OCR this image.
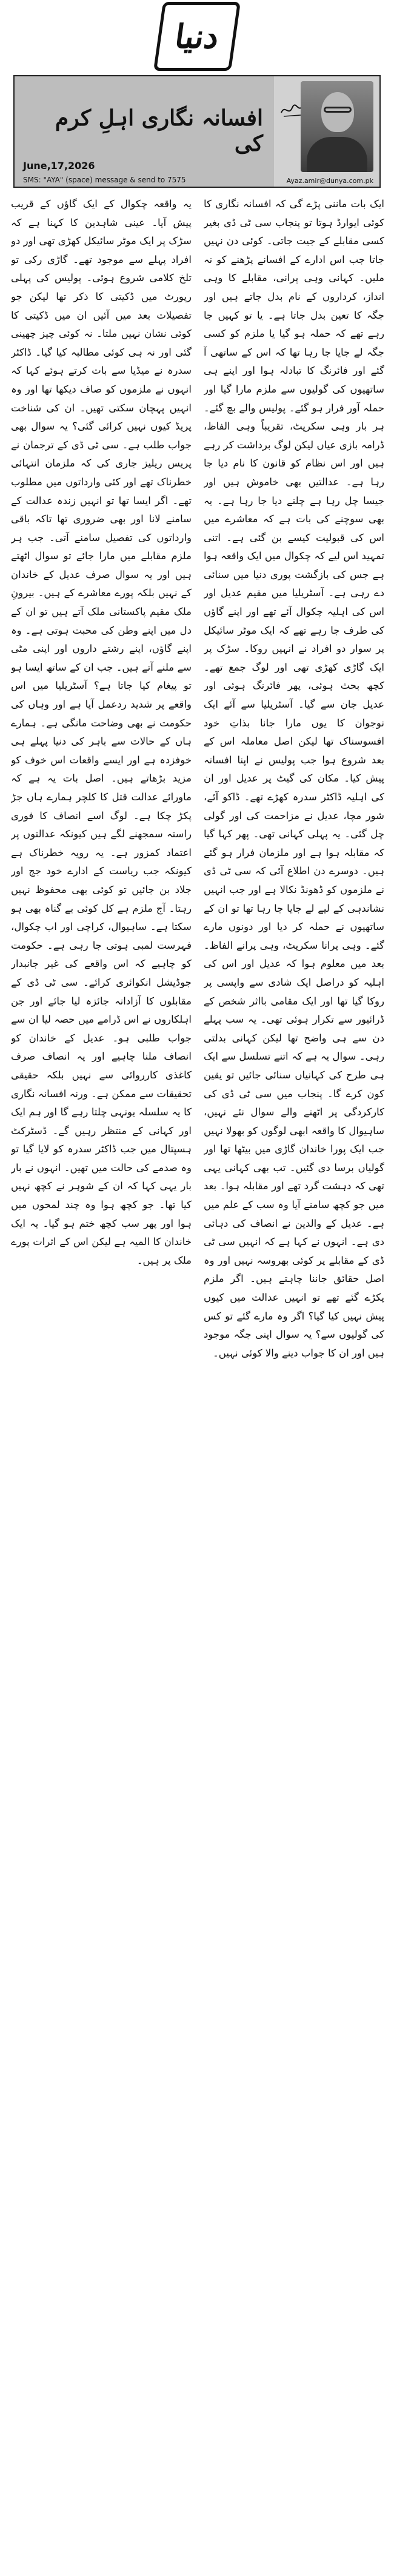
دنیا
افسانہ نگاری اہلِ کرم کی
June,17,2026
SMS: "AYA" (space) message & send to 7575	Ayaz.amir@dunya.com.pk

ایک بات ماننی پڑے گی کہ افسانہ نگاری کا کوئی ایوارڈ ہوتا تو پنجاب سی ٹی ڈی بغیر کسی مقابلے کے جیت جاتی۔ کوئی دن نہیں جاتا جب اس ادارے کے افسانے پڑھنے کو نہ ملیں۔ کہانی وہی پرانی، مقابلے کا وہی انداز، کرداروں کے نام بدل جاتے ہیں اور جگہ کا تعین بدل جاتا ہے۔ یا تو کہیں جا رہے تھے کہ حملہ ہو گیا یا ملزم کو کسی جگہ لے جایا جا رہا تھا کہ اس کے ساتھی آ گئے اور فائرنگ کا تبادلہ ہوا اور اپنے ہی ساتھیوں کی گولیوں سے ملزم مارا گیا اور حملہ آور فرار ہو گئے۔ پولیس والے بچ گئے۔ ہر بار وہی سکرپٹ، تقریباً وہی الفاظ، ڈرامہ بازی عیاں لیکن لوگ برداشت کر رہے ہیں اور اس نظام کو قانون کا نام دیا جا رہا ہے۔ عدالتیں بھی خاموش ہیں اور جیسا چل رہا ہے چلنے دیا جا رہا ہے۔ یہ بھی سوچنے کی بات ہے کہ معاشرے میں اس کی قبولیت کیسے بن گئی ہے۔ اتنی تمہید اس لیے کہ چکوال میں ایک واقعہ ہوا ہے جس کی بازگشت پوری دنیا میں سنائی دے رہی ہے۔ آسٹریلیا میں مقیم عدیل اور اس کی اہلیہ چکوال آئے تھے اور اپنے گاؤں کی طرف جا رہے تھے کہ ایک موٹر سائیکل پر سوار دو افراد نے انہیں روکا۔ سڑک پر ایک گاڑی کھڑی تھی اور لوگ جمع تھے۔ کچھ بحث ہوئی، پھر فائرنگ ہوئی اور عدیل جان سے گیا۔ آسٹریلیا سے آئے ایک نوجوان کا یوں مارا جانا بذاتِ خود افسوسناک تھا لیکن اصل معاملہ اس کے بعد شروع ہوا جب پولیس نے اپنا افسانہ پیش کیا۔ مکان کی گیٹ پر عدیل اور ان کی اہلیہ ڈاکٹر سدرہ کھڑے تھے۔ ڈاکو آئے، شور مچا، عدیل نے مزاحمت کی اور گولی چل گئی۔ یہ پہلی کہانی تھی۔ پھر کہا گیا کہ مقابلہ ہوا ہے اور ملزمان فرار ہو گئے ہیں۔ دوسرے دن اطلاع آئی کہ سی ٹی ڈی نے ملزموں کو ڈھونڈ نکالا ہے اور جب انہیں نشاندہی کے لیے لے جایا جا رہا تھا تو ان کے ساتھیوں نے حملہ کر دیا اور دونوں مارے گئے۔ وہی پرانا سکرپٹ، وہی پرانے الفاظ۔ بعد میں معلوم ہوا کہ عدیل اور اس کی اہلیہ کو دراصل ایک شادی سے واپسی پر روکا گیا تھا اور ایک مقامی بااثر شخص کے ڈرائیور سے تکرار ہوئی تھی۔ یہ سب پہلے دن سے ہی واضح تھا لیکن کہانی بدلتی رہی۔ سوال یہ ہے کہ اتنے تسلسل سے ایک ہی طرح کی کہانیاں سنائی جائیں تو یقین کون کرے گا۔ پنجاب میں سی ٹی ڈی کی کارکردگی پر اٹھنے والے سوال نئے نہیں، ساہیوال کا واقعہ ابھی لوگوں کو بھولا نہیں جب ایک پورا خاندان گاڑی میں بیٹھا تھا اور گولیاں برسا دی گئیں۔ تب بھی کہانی یہی تھی کہ دہشت گرد تھے اور مقابلہ ہوا۔ بعد میں جو کچھ سامنے آیا وہ سب کے علم میں ہے۔ عدیل کے والدین نے انصاف کی دہائی دی ہے۔ انہوں نے کہا ہے کہ انہیں سی ٹی ڈی کے مقابلے پر کوئی بھروسہ نہیں اور وہ اصل حقائق جاننا چاہتے ہیں۔ اگر ملزم پکڑے گئے تھے تو انہیں عدالت میں کیوں پیش نہیں کیا گیا؟ اگر وہ مارے گئے تو کس کی گولیوں سے؟ یہ سوال اپنی جگہ موجود ہیں اور ان کا جواب دینے والا کوئی نہیں۔

یہ واقعہ چکوال کے ایک گاؤں کے قریب پیش آیا۔ عینی شاہدین کا کہنا ہے کہ سڑک پر ایک موٹر سائیکل کھڑی تھی اور دو افراد پہلے سے موجود تھے۔ گاڑی رکی تو تلخ کلامی شروع ہوئی۔ پولیس کی پہلی رپورٹ میں ڈکیتی کا ذکر تھا لیکن جو تفصیلات بعد میں آئیں ان میں ڈکیتی کا کوئی نشان نہیں ملتا۔ نہ کوئی چیز چھینی گئی اور نہ ہی کوئی مطالبہ کیا گیا۔ ڈاکٹر سدرہ نے میڈیا سے بات کرتے ہوئے کہا کہ انہوں نے ملزموں کو صاف دیکھا تھا اور وہ انہیں پہچان سکتی تھیں۔ ان کی شناخت پریڈ کیوں نہیں کرائی گئی؟ یہ سوال بھی جواب طلب ہے۔ سی ٹی ڈی کے ترجمان نے پریس ریلیز جاری کی کہ ملزمان انتہائی خطرناک تھے اور کئی وارداتوں میں مطلوب تھے۔ اگر ایسا تھا تو انہیں زندہ عدالت کے سامنے لانا اور بھی ضروری تھا تاکہ باقی وارداتوں کی تفصیل سامنے آتی۔ جب ہر ملزم مقابلے میں مارا جائے تو سوال اٹھتے ہیں اور یہ سوال صرف عدیل کے خاندان کے نہیں بلکہ پورے معاشرے کے ہیں۔ بیرونِ ملک مقیم پاکستانی ملک آتے ہیں تو ان کے دل میں اپنے وطن کی محبت ہوتی ہے۔ وہ اپنے گاؤں، اپنے رشتے داروں اور اپنی مٹی سے ملنے آتے ہیں۔ جب ان کے ساتھ ایسا ہو تو پیغام کیا جاتا ہے؟ آسٹریلیا میں اس واقعے پر شدید ردعمل آیا ہے اور وہاں کی حکومت نے بھی وضاحت مانگی ہے۔ ہمارے ہاں کے حالات سے باہر کی دنیا پہلے ہی خوفزدہ ہے اور ایسے واقعات اس خوف کو مزید بڑھاتے ہیں۔ اصل بات یہ ہے کہ ماورائے عدالت قتل کا کلچر ہمارے ہاں جڑ پکڑ چکا ہے۔ لوگ اسے انصاف کا فوری راستہ سمجھنے لگے ہیں کیونکہ عدالتوں پر اعتماد کمزور ہے۔ یہ رویہ خطرناک ہے کیونکہ جب ریاست کے ادارے خود جج اور جلاد بن جائیں تو کوئی بھی محفوظ نہیں رہتا۔ آج ملزم ہے کل کوئی بے گناہ بھی ہو سکتا ہے۔ ساہیوال، کراچی اور اب چکوال، فہرست لمبی ہوتی جا رہی ہے۔ حکومت کو چاہیے کہ اس واقعے کی غیر جانبدار جوڈیشل انکوائری کرائے۔ سی ٹی ڈی کے مقابلوں کا آزادانہ جائزہ لیا جائے اور جن اہلکاروں نے اس ڈرامے میں حصہ لیا ان سے جواب طلبی ہو۔ عدیل کے خاندان کو انصاف ملنا چاہیے اور یہ انصاف صرف کاغذی کارروائی سے نہیں بلکہ حقیقی تحقیقات سے ممکن ہے۔ ورنہ افسانہ نگاری کا یہ سلسلہ یونہی چلتا رہے گا اور ہم ایک اور کہانی کے منتظر رہیں گے۔ ڈسٹرکٹ ہسپتال میں جب ڈاکٹر سدرہ کو لایا گیا تو وہ صدمے کی حالت میں تھیں۔ انہوں نے بار بار یہی کہا کہ ان کے شوہر نے کچھ نہیں کیا تھا۔ جو کچھ ہوا وہ چند لمحوں میں ہوا اور پھر سب کچھ ختم ہو گیا۔ یہ ایک خاندان کا المیہ ہے لیکن اس کے اثرات پورے ملک پر ہیں۔
